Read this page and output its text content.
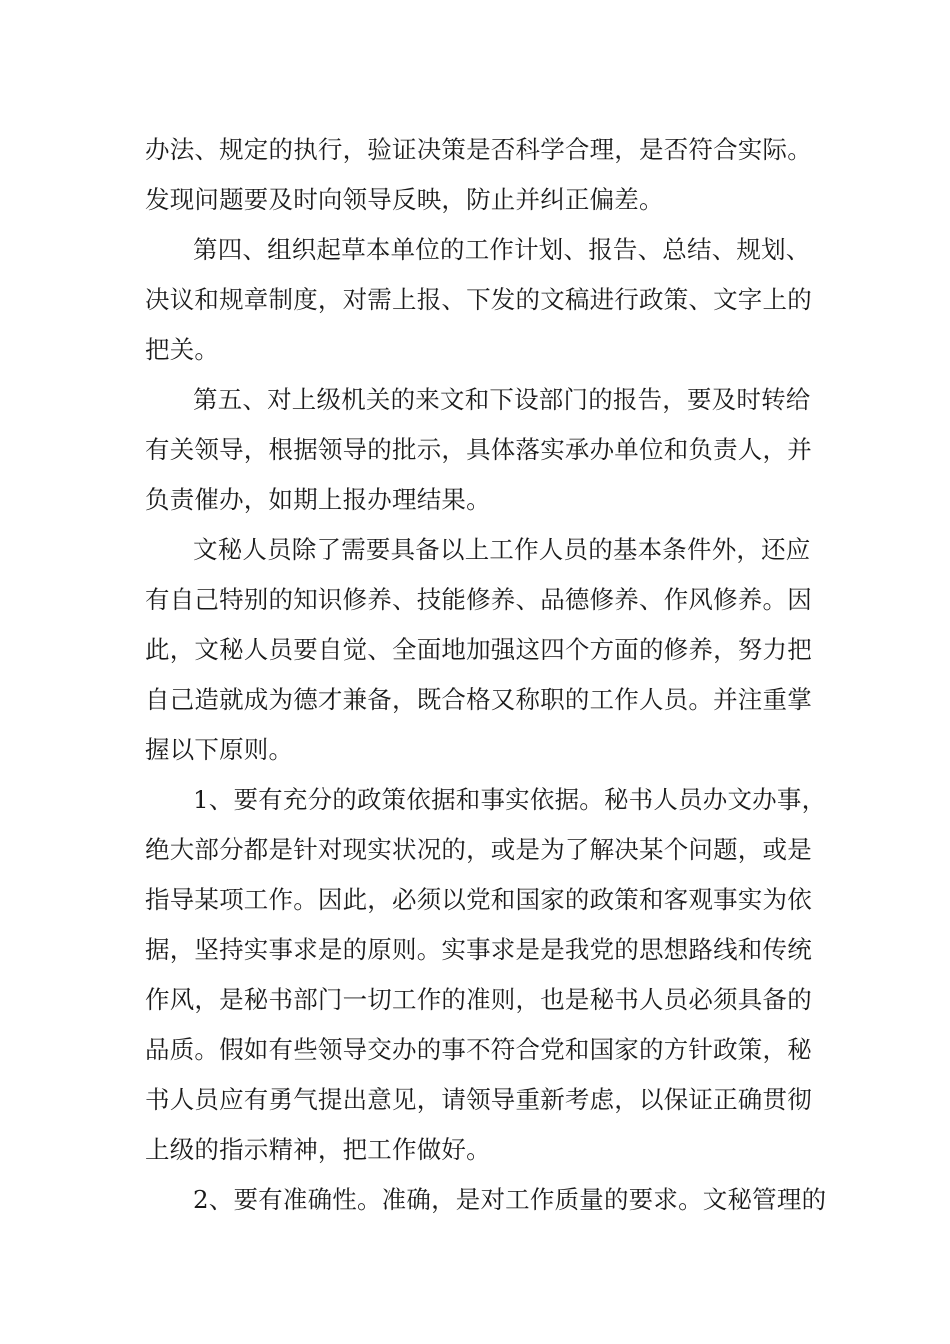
办法、规定的执行，验证决策是否科学合理，是否符合实际。
发现问题要及时向领导反映，防止并纠正偏差。
第四、组织起草本单位的工作计划、报告、总结、规划、
决议和规章制度，对需上报、下发的文稿进行政策、文字上的
把关。
第五、对上级机关的来文和下设部门的报告，要及时转给
有关领导，根据领导的批示，具体落实承办单位和负责人，并
负责催办，如期上报办理结果。
文秘人员除了需要具备以上工作人员的基本条件外，还应
有自己特别的知识修养、技能修养、品德修养、作风修养。因
此，文秘人员要自觉、全面地加强这四个方面的修养，努力把
自己造就成为德才兼备，既合格又称职的工作人员。并注重掌
握以下原则。
1、要有充分的政策依据和事实依据。秘书人员办文办事，
绝大部分都是针对现实状况的，或是为了解决某个问题，或是
指导某项工作。因此，必须以党和国家的政策和客观事实为依
据，坚持实事求是的原则。实事求是是我党的思想路线和传统
作风，是秘书部门一切工作的准则，也是秘书人员必须具备的
品质。假如有些领导交办的事不符合党和国家的方针政策，秘
书人员应有勇气提出意见，请领导重新考虑，以保证正确贯彻
上级的指示精神，把工作做好。
2、要有准确性。准确，是对工作质量的要求。文秘管理的
